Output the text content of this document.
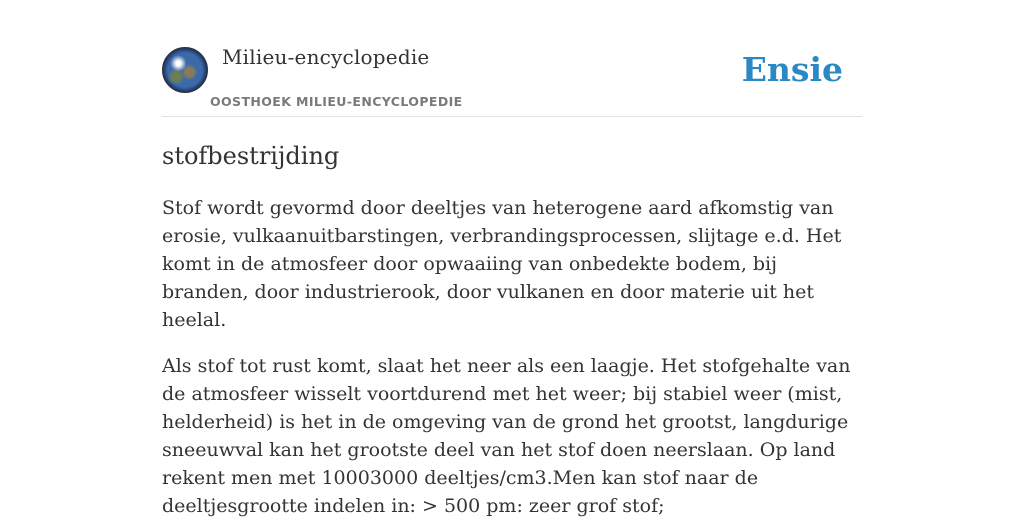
Milieu-encyclopedie
OOSTHOEK MILIEU-ENCYCLOPEDIE
Ensie
stofbestrijding

Stof wordt gevormd door deeltjes van heterogene aard afkomstig van erosie, vulkaanuitbarstingen, verbrandingsprocessen, slijtage e.d. Het komt in de atmosfeer door opwaaiing van onbedekte bodem, bij branden, door industrierook, door vulkanen en door materie uit het heelal.

Als stof tot rust komt, slaat het neer als een laagje. Het stofgehalte van de atmosfeer wisselt voortdurend met het weer; bij stabiel weer (mist, helderheid) is het in de omgeving van de grond het grootst, langdurige sneeuwval kan het grootste deel van het stof doen neerslaan. Op land rekent men met 10003000 deeltjes/cm3.Men kan stof naar de deeltjesgrootte indelen in: > 500 pm: zeer grof stof;
